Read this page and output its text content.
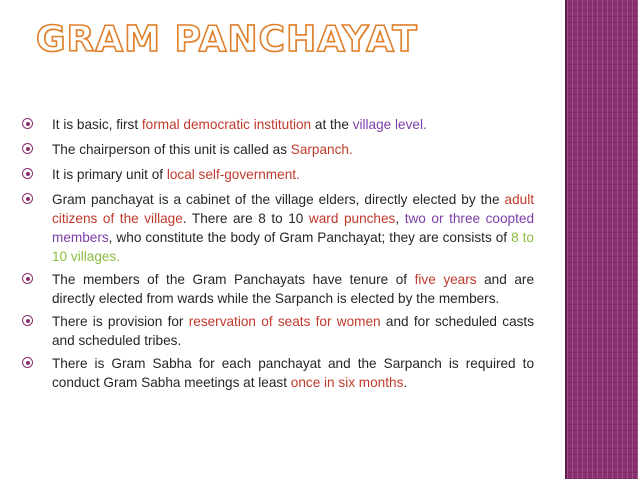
GRAM PANCHAYAT
It is basic, first formal democratic institution at the village level.
The chairperson of this unit is called as Sarpanch.
It is primary unit of local self-government.
Gram panchayat is a cabinet of the village elders, directly elected by the adult citizens of the village. There are 8 to 10 ward punches, two or three coopted members, who constitute the body of Gram Panchayat; they are consists of 8 to 10 villages.
The members of the Gram Panchayats have tenure of five years and are directly elected from wards while the Sarpanch is elected by the members.
There is provision for reservation of seats for women and for scheduled casts and scheduled tribes.
There is Gram Sabha for each panchayat and the Sarpanch is required to conduct Gram Sabha meetings at least once in six months.
